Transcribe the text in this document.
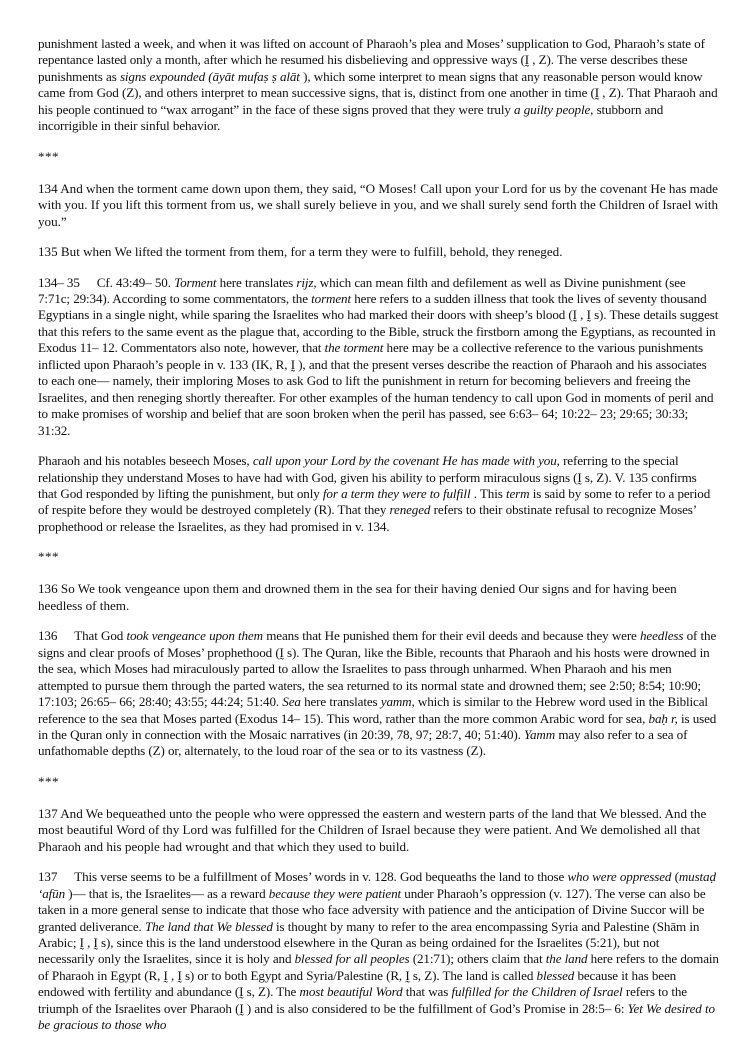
punishment lasted a week, and when it was lifted on account of Pharaoh’s plea and Moses’ supplication to God, Pharaoh’s state of repentance lasted only a month, after which he resumed his disbelieving and oppressive ways (Ḭ , Z). The verse describes these punishments as signs expounded (āyāt mufaṣ ṣ alāt ), which some interpret to mean signs that any reasonable person would know came from God (Z), and others interpret to mean successive signs, that is, distinct from one another in time (Ḭ , Z). That Pharaoh and his people continued to “wax arrogant” in the face of these signs proved that they were truly a guilty people, stubborn and incorrigible in their sinful behavior.

***

134 And when the torment came down upon them, they said, “O Moses! Call upon your Lord for us by the covenant He has made with you. If you lift this torment from us, we shall surely believe in you, and we shall surely send forth the Children of Israel with you.”

135 But when We lifted the torment from them, for a term they were to fulfill, behold, they reneged.

134– 35 Cf. 43:49– 50. Torment here translates rijz, which can mean filth and defilement as well as Divine punishment (see 7:71c; 29:34). According to some commentators, the torment here refers to a sudden illness that took the lives of seventy thousand Egyptians in a single night, while sparing the Israelites who had marked their doors with sheep’s blood (Ḭ , Ḭ s). These details suggest that this refers to the same event as the plague that, according to the Bible, struck the firstborn among the Egyptians, as recounted in Exodus 11– 12. Commentators also note, however, that the torment here may be a collective reference to the various punishments inflicted upon Pharaoh’s people in v. 133 (IK, R, Ḭ ), and that the present verses describe the reaction of Pharaoh and his associates to each one— namely, their imploring Moses to ask God to lift the punishment in return for becoming believers and freeing the Israelites, and then reneging shortly thereafter. For other examples of the human tendency to call upon God in moments of peril and to make promises of worship and belief that are soon broken when the peril has passed, see 6:63– 64; 10:22– 23; 29:65; 30:33; 31:32.

Pharaoh and his notables beseech Moses, call upon your Lord by the covenant He has made with you, referring to the special relationship they understand Moses to have had with God, given his ability to perform miraculous signs (Ḭ s, Z). V. 135 confirms that God responded by lifting the punishment, but only for a term they were to fulfill . This term is said by some to refer to a period of respite before they would be destroyed completely (R). That they reneged refers to their obstinate refusal to recognize Moses’ prophethood or release the Israelites, as they had promised in v. 134.

***

136 So We took vengeance upon them and drowned them in the sea for their having denied Our signs and for having been heedless of them.

136 That God took vengeance upon them means that He punished them for their evil deeds and because they were heedless of the signs and clear proofs of Moses’ prophethood (Ḭ s). The Quran, like the Bible, recounts that Pharaoh and his hosts were drowned in the sea, which Moses had miraculously parted to allow the Israelites to pass through unharmed. When Pharaoh and his men attempted to pursue them through the parted waters, the sea returned to its normal state and drowned them; see 2:50; 8:54; 10:90; 17:103; 26:65– 66; 28:40; 43:55; 44:24; 51:40. Sea here translates yamm, which is similar to the Hebrew word used in the Biblical reference to the sea that Moses parted (Exodus 14– 15). This word, rather than the more common Arabic word for sea, baḥ r, is used in the Quran only in connection with the Mosaic narratives (in 20:39, 78, 97; 28:7, 40; 51:40). Yamm may also refer to a sea of unfathomable depths (Z) or, alternately, to the loud roar of the sea or to its vastness (Z).

***

137 And We bequeathed unto the people who were oppressed the eastern and western parts of the land that We blessed. And the most beautiful Word of thy Lord was fulfilled for the Children of Israel because they were patient. And We demolished all that Pharaoh and his people had wrought and that which they used to build.

137 This verse seems to be a fulfillment of Moses’ words in v. 128. God bequeaths the land to those who were oppressed (mustaḍ ʻafūn )— that is, the Israelites— as a reward because they were patient under Pharaoh’s oppression (v. 127). The verse can also be taken in a more general sense to indicate that those who face adversity with patience and the anticipation of Divine Succor will be granted deliverance. The land that We blessed is thought by many to refer to the area encompassing Syria and Palestine (Shām in Arabic; Ḭ , Ḭ s), since this is the land understood elsewhere in the Quran as being ordained for the Israelites (5:21), but not necessarily only the Israelites, since it is holy and blessed for all peoples (21:71); others claim that the land here refers to the domain of Pharaoh in Egypt (R, Ḭ , Ḭ s) or to both Egypt and Syria/Palestine (R, Ḭ s, Z). The land is called blessed because it has been endowed with fertility and abundance (Ḭ s, Z). The most beautiful Word that was fulfilled for the Children of Israel refers to the triumph of the Israelites over Pharaoh (Ḭ ) and is also considered to be the fulfillment of God’s Promise in 28:5– 6: Yet We desired to be gracious to those who
